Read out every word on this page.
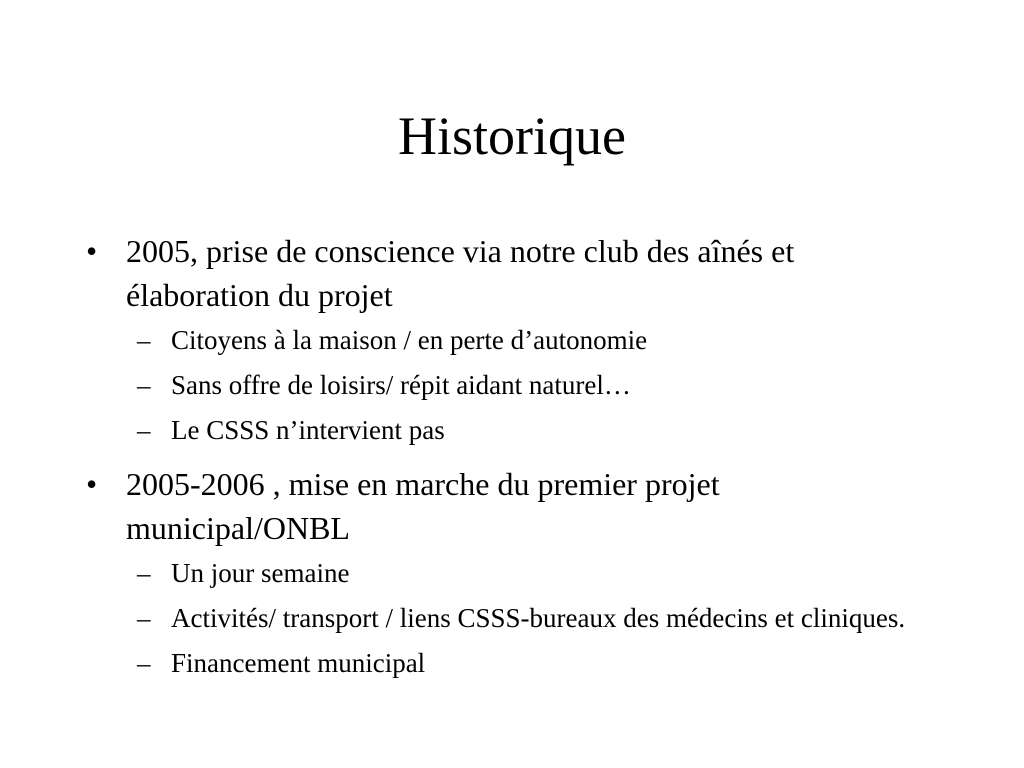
Historique
• 2005, prise de conscience via notre club des aînés et élaboration du projet
– Citoyens à la maison / en perte d’autonomie
– Sans offre de loisirs/ répit aidant naturel…
– Le CSSS n’intervient pas
• 2005-2006 , mise en marche du premier projet municipal/ONBL
– Un jour semaine
– Activités/ transport / liens CSSS-bureaux des médecins et cliniques.
– Financement municipal
